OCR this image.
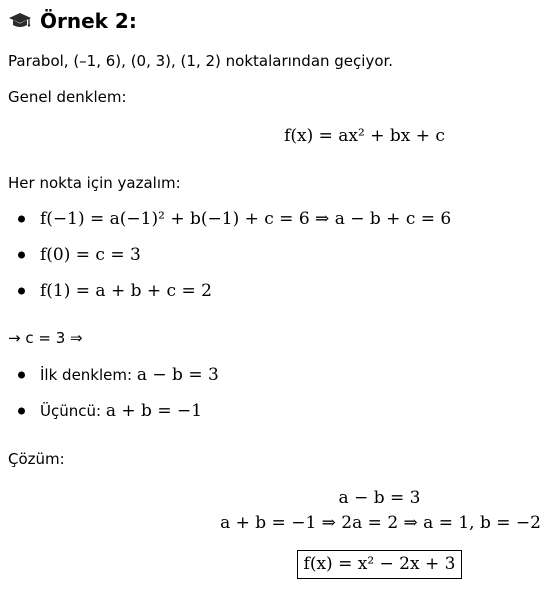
Örnek 2:
Parabol, (–1, 6), (0, 3), (1, 2) noktalarından geçiyor.
Genel denklem:
f(x) = ax² + bx + c
Her nokta için yazalım:
f(−1) = a(−1)² + b(−1) + c = 6 ⇒ a − b + c = 6
f(0) = c = 3
f(1) = a + b + c = 2
→ c = 3 ⇒
İlk denklem: a − b = 3
Üçüncü: a + b = −1
Çözüm:
a − b = 3
a + b = −1 ⇒ 2a = 2 ⇒ a = 1, b = −2
f(x) = x² − 2x + 3
